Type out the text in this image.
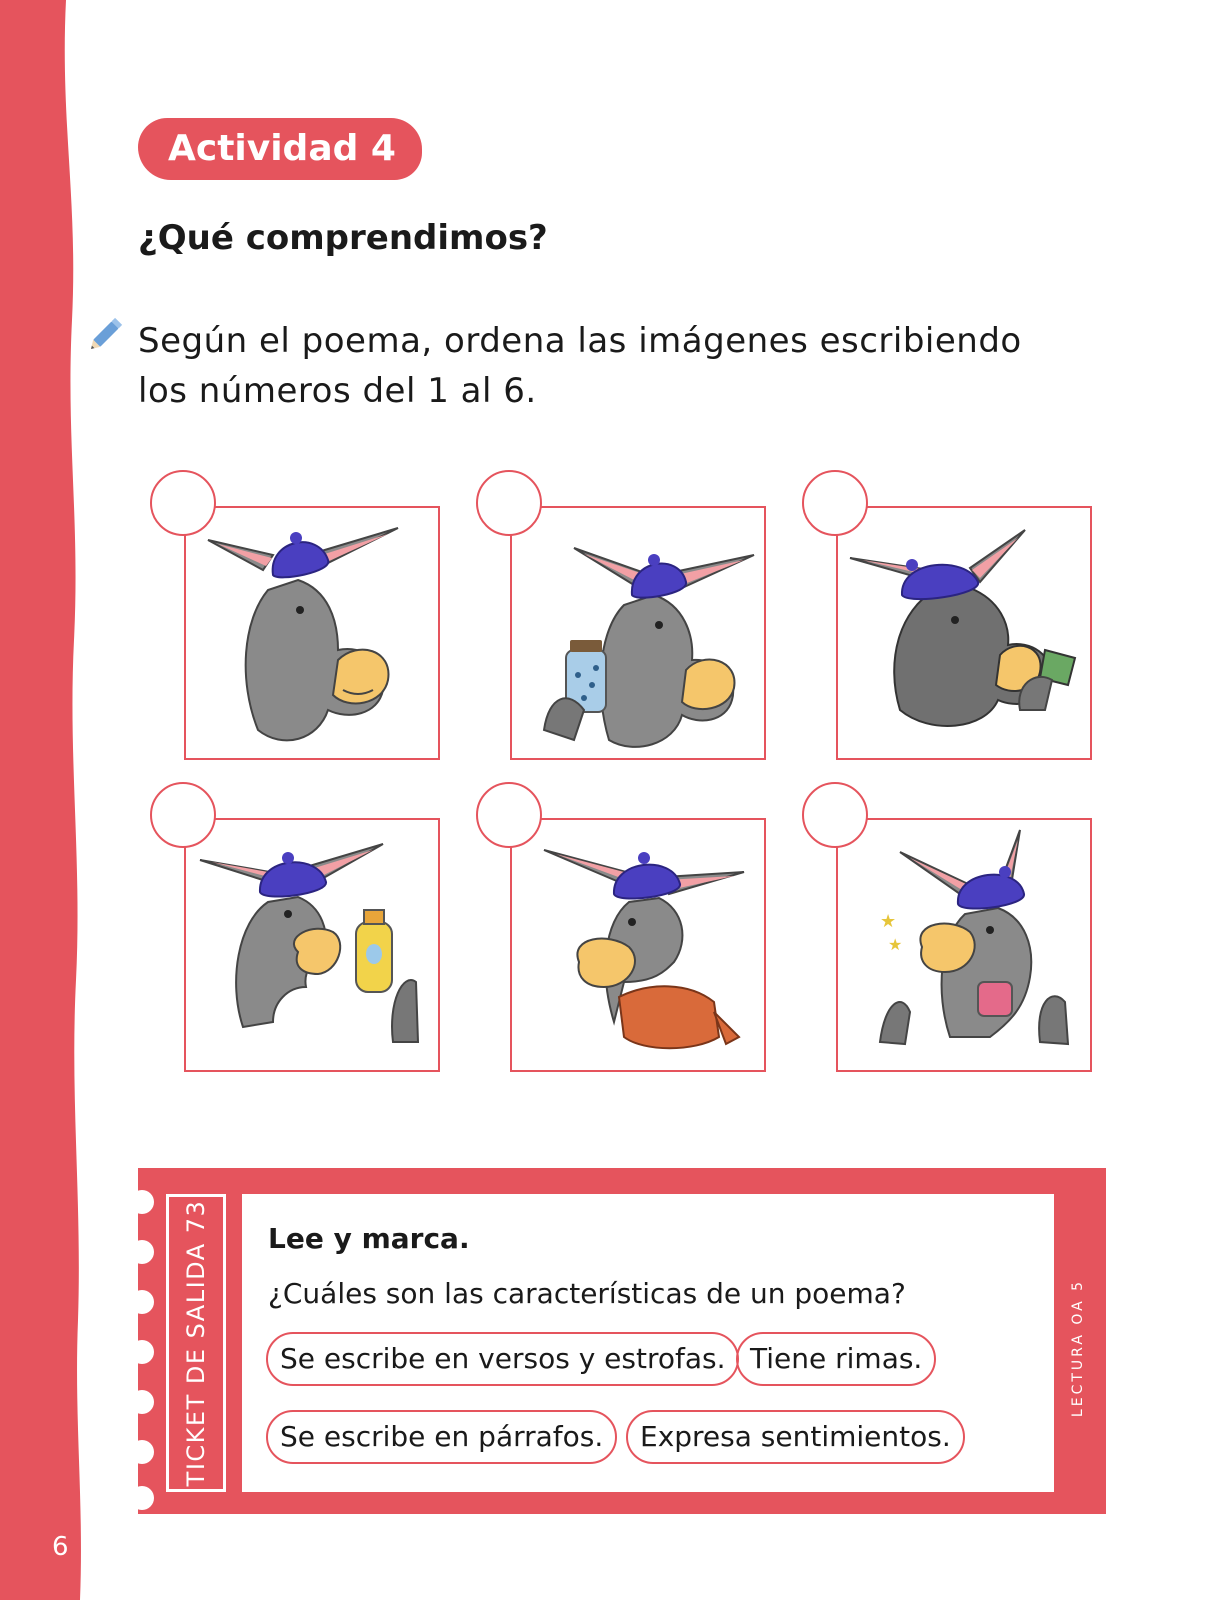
6
Actividad 4
¿Qué comprendimos?
Según el poema, ordena las imágenes escribiendo los números del 1 al 6.
★
★
TICKET DE SALIDA 73 Lee y marca.
¿Cuáles son las características de un poema?
Se escribe en versos y estrofas. Tiene rimas.
Se escribe en párrafos.	Expresa sentimientos.
LECTURA OA 5
